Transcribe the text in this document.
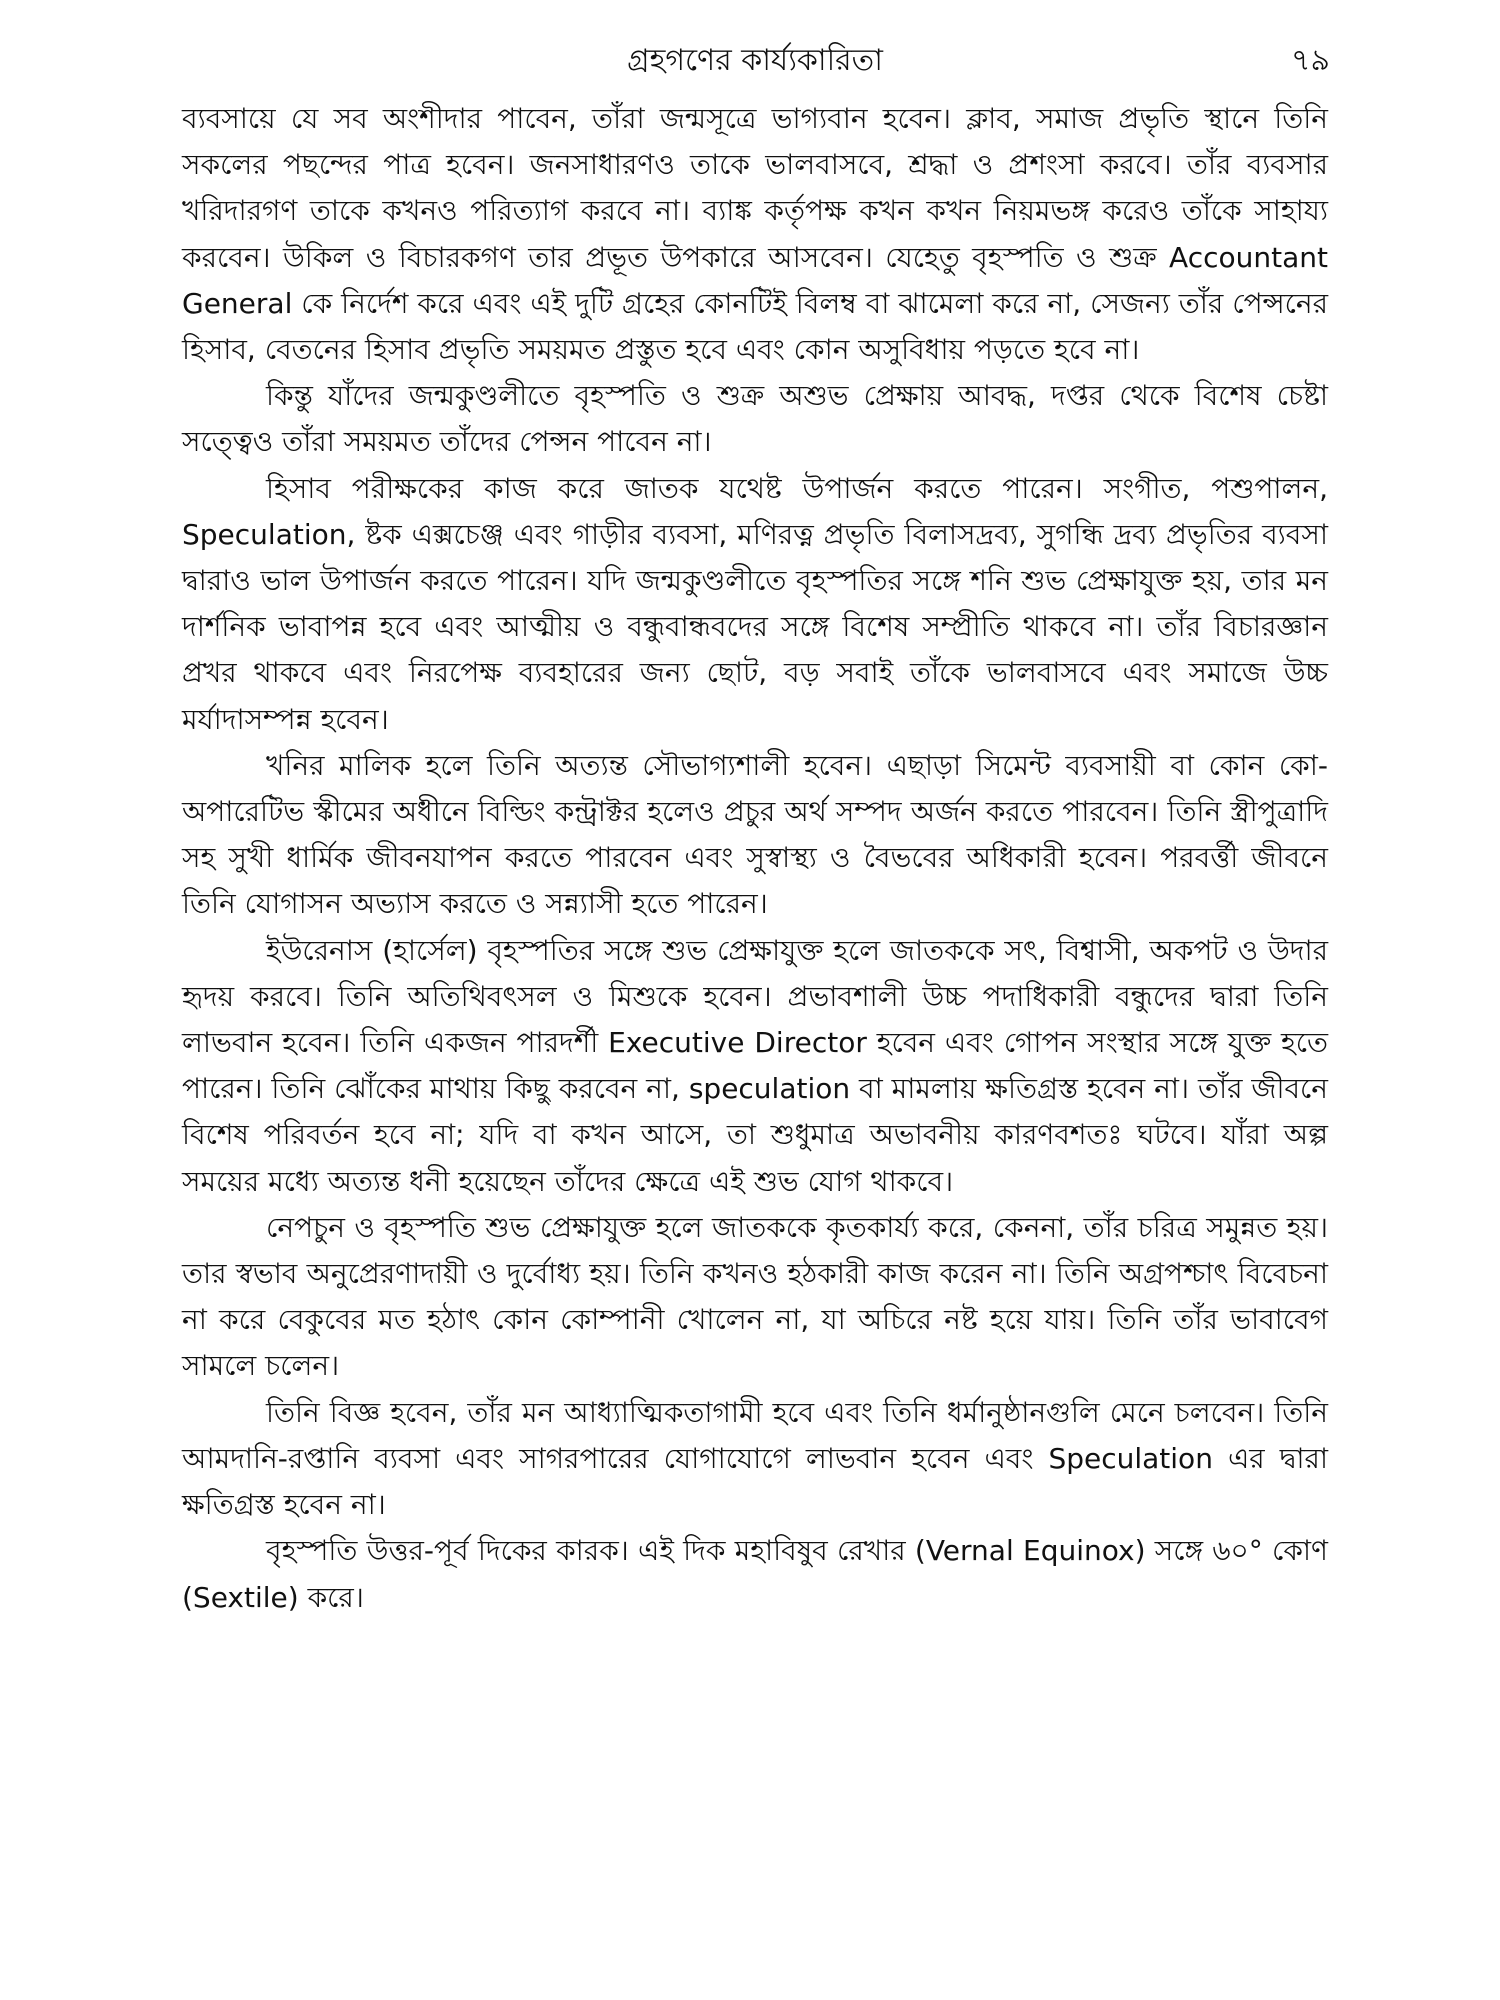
গ্রহগণের কার্য্যকারিতা	৭৯

ব্যবসায়ে যে সব অংশীদার পাবেন, তাঁরা জন্মসূত্রে ভাগ্যবান হবেন। ক্লাব, সমাজ প্রভৃতি স্থানে তিনি সকলের পছন্দের পাত্র হবেন। জনসাধারণও তাকে ভালবাসবে, শ্রদ্ধা ও প্রশংসা করবে। তাঁর ব্যবসার খরিদারগণ তাকে কখনও পরিত্যাগ করবে না। ব্যাঙ্ক কর্তৃপক্ষ কখন কখন নিয়মভঙ্গ করেও তাঁকে সাহায্য করবেন। উকিল ও বিচারকগণ তার প্রভূত উপকারে আসবেন। যেহেতু বৃহস্পতি ও শুক্র Accountant General কে নির্দেশ করে এবং এই দুটি গ্রহের কোনটিই বিলম্ব বা ঝামেলা করে না, সেজন্য তাঁর পেন্সনের হিসাব, বেতনের হিসাব প্রভৃতি সময়মত প্রস্তুত হবে এবং কোন অসুবিধায় পড়তে হবে না।

কিন্তু যাঁদের জন্মকুণ্ডলীতে বৃহস্পতি ও শুক্র অশুভ প্রেক্ষায় আবদ্ধ, দপ্তর থেকে বিশেষ চেষ্টা সত্ত্বেও তাঁরা সময়মত তাঁদের পেন্সন পাবেন না।

হিসাব পরীক্ষকের কাজ করে জাতক যথেষ্ট উপার্জন করতে পারেন। সংগীত, পশুপালন, Speculation, ষ্টক এক্সচেঞ্জ এবং গাড়ীর ব্যবসা, মণিরত্ন প্রভৃতি বিলাসদ্রব্য, সুগন্ধি দ্রব্য প্রভৃতির ব্যবসা দ্বারাও ভাল উপার্জন করতে পারেন। যদি জন্মকুণ্ডলীতে বৃহস্পতির সঙ্গে শনি শুভ প্রেক্ষাযুক্ত হয়, তার মন দার্শনিক ভাবাপন্ন হবে এবং আত্মীয় ও বন্ধুবান্ধবদের সঙ্গে বিশেষ সম্প্রীতি থাকবে না। তাঁর বিচারজ্ঞান প্রখর থাকবে এবং নিরপেক্ষ ব্যবহারের জন্য ছোট, বড় সবাই তাঁকে ভালবাসবে এবং সমাজে উচ্চ মর্যাদাসম্পন্ন হবেন।

খনির মালিক হলে তিনি অত্যন্ত সৌভাগ্যশালী হবেন। এছাড়া সিমেন্ট ব্যবসায়ী বা কোন কো-অপারেটিভ স্কীমের অধীনে বিল্ডিং কন্ট্রাক্টর হলেও প্রচুর অর্থ সম্পদ অর্জন করতে পারবেন। তিনি স্ত্রীপুত্রাদি সহ সুখী ধার্মিক জীবনযাপন করতে পারবেন এবং সুস্বাস্থ্য ও বৈভবের অধিকারী হবেন। পরবর্ত্তী জীবনে তিনি যোগাসন অভ্যাস করতে ও সন্ন্যাসী হতে পারেন।

ইউরেনাস (হার্সেল) বৃহস্পতির সঙ্গে শুভ প্রেক্ষাযুক্ত হলে জাতককে সৎ, বিশ্বাসী, অকপট ও উদার হৃদয় করবে। তিনি অতিথিবৎসল ও মিশুকে হবেন। প্রভাবশালী উচ্চ পদাধিকারী বন্ধুদের দ্বারা তিনি লাভবান হবেন। তিনি একজন পারদর্শী Executive Director হবেন এবং গোপন সংস্থার সঙ্গে যুক্ত হতে পারেন। তিনি ঝোঁকের মাথায় কিছু করবেন না, speculation বা মামলায় ক্ষতিগ্রস্ত হবেন না। তাঁর জীবনে বিশেষ পরিবর্তন হবে না; যদি বা কখন আসে, তা শুধুমাত্র অভাবনীয় কারণবশতঃ ঘটবে। যাঁরা অল্প সময়ের মধ্যে অত্যন্ত ধনী হয়েছেন তাঁদের ক্ষেত্রে এই শুভ যোগ থাকবে।

নেপচুন ও বৃহস্পতি শুভ প্রেক্ষাযুক্ত হলে জাতককে কৃতকার্য্য করে, কেননা, তাঁর চরিত্র সমুন্নত হয়। তার স্বভাব অনুপ্রেরণাদায়ী ও দুর্বোধ্য হয়। তিনি কখনও হঠকারী কাজ করেন না। তিনি অগ্রপশ্চাৎ বিবেচনা না করে বেকুবের মত হঠাৎ কোন কোম্পানী খোলেন না, যা অচিরে নষ্ট হয়ে যায়। তিনি তাঁর ভাবাবেগ সামলে চলেন।

তিনি বিজ্ঞ হবেন, তাঁর মন আধ্যাত্মিকতাগামী হবে এবং তিনি ধর্মানুষ্ঠানগুলি মেনে চলবেন। তিনি আমদানি-রপ্তানি ব্যবসা এবং সাগরপারের যোগাযোগে লাভবান হবেন এবং Speculation এর দ্বারা ক্ষতিগ্রস্ত হবেন না।

বৃহস্পতি উত্তর-পূর্ব দিকের কারক। এই দিক মহাবিষুব রেখার (Vernal Equinox) সঙ্গে ৬০° কোণ (Sextile) করে।
